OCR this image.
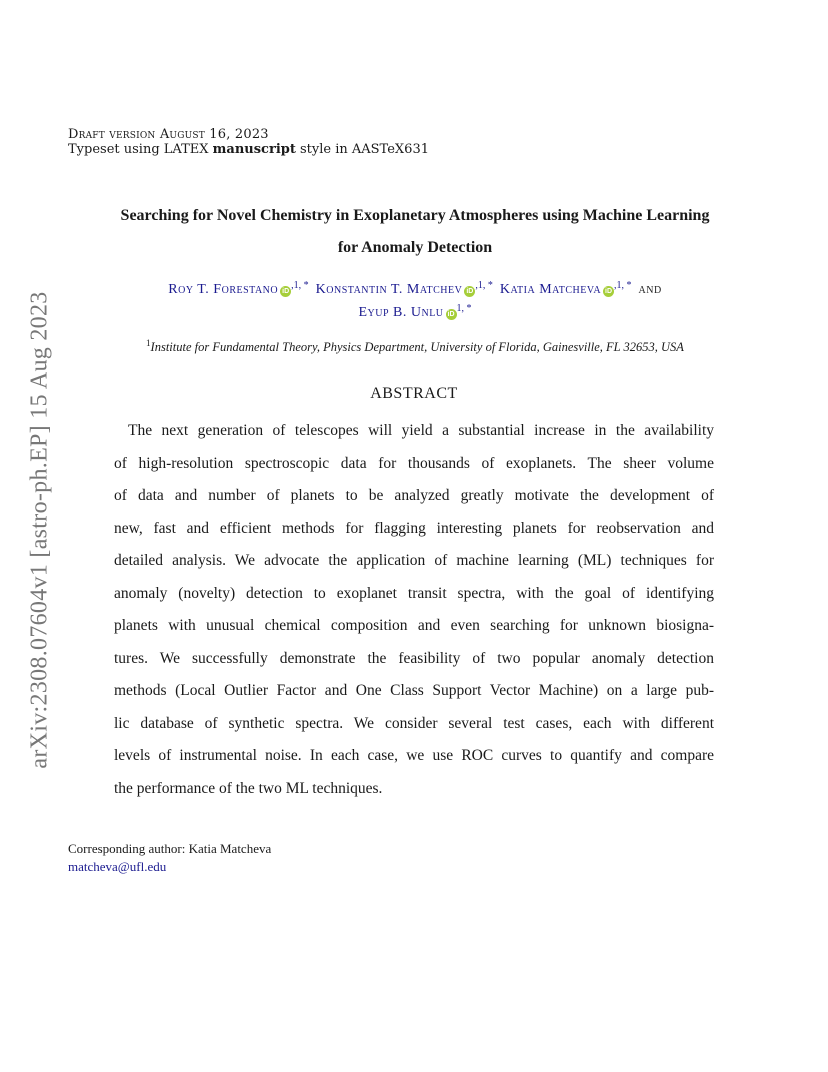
arXiv:2308.07604v1 [astro-ph.EP] 15 Aug 2023
Draft version August 16, 2023
Typeset using LATEX manuscript style in AASTeX631
Searching for Novel Chemistry in Exoplanetary Atmospheres using Machine Learning
for Anomaly Detection
Roy T. Forestano $iD^{,1, *}$ Konstantin T. Matchev $iD^{,1, *}$ Katia Matcheva $iD^{,1, *}$ and
Eyup B. Unlu $iD^{1, *}$
$^1$Institute for Fundamental Theory, Physics Department, University of Florida, Gainesville, FL 32653, USA
ABSTRACT
The next generation of telescopes will yield a substantial increase in the availability
of high-resolution spectroscopic data for thousands of exoplanets. The sheer volume
of data and number of planets to be analyzed greatly motivate the development of
new, fast and efficient methods for flagging interesting planets for reobservation and
detailed analysis. We advocate the application of machine learning (ML) techniques for
anomaly (novelty) detection to exoplanet transit spectra, with the goal of identifying
planets with unusual chemical composition and even searching for unknown biosigna-
tures. We successfully demonstrate the feasibility of two popular anomaly detection
methods (Local Outlier Factor and One Class Support Vector Machine) on a large pub-
lic database of synthetic spectra. We consider several test cases, each with different
levels of instrumental noise. In each case, we use ROC curves to quantify and compare
the performance of the two ML techniques.
Corresponding author: Katia Matcheva
matcheva@ufl.edu
